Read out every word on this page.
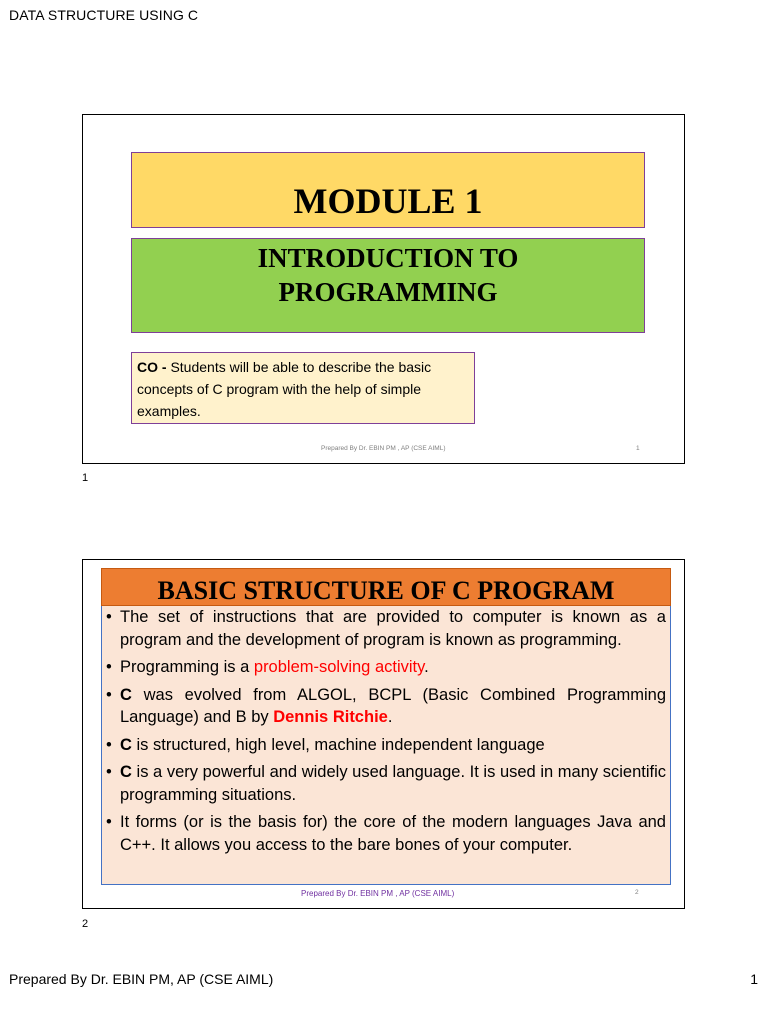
DATA STRUCTURE USING C
MODULE 1
INTRODUCTION TO
PROGRAMMING
CO - Students will be able to describe the basic concepts of C program with the help of simple examples.
Prepared By Dr. EBIN PM , AP (CSE AIML)	1
1
BASIC STRUCTURE OF C PROGRAM
• The set of instructions that are provided to computer is known as a program and the development of program is known as programming.
• Programming is a problem-solving activity.
• C was evolved from ALGOL, BCPL (Basic Combined Programming Language) and B by Dennis Ritchie.
• C is structured, high level, machine independent language
• C is a very powerful and widely used language. It is used in many scientific programming situations.
• It forms (or is the basis for) the core of the modern languages Java and C++. It allows you access to the bare bones of your computer.
Prepared By Dr. EBIN PM , AP (CSE AIML)	2
2
Prepared By Dr. EBIN PM, AP (CSE AIML)	1
